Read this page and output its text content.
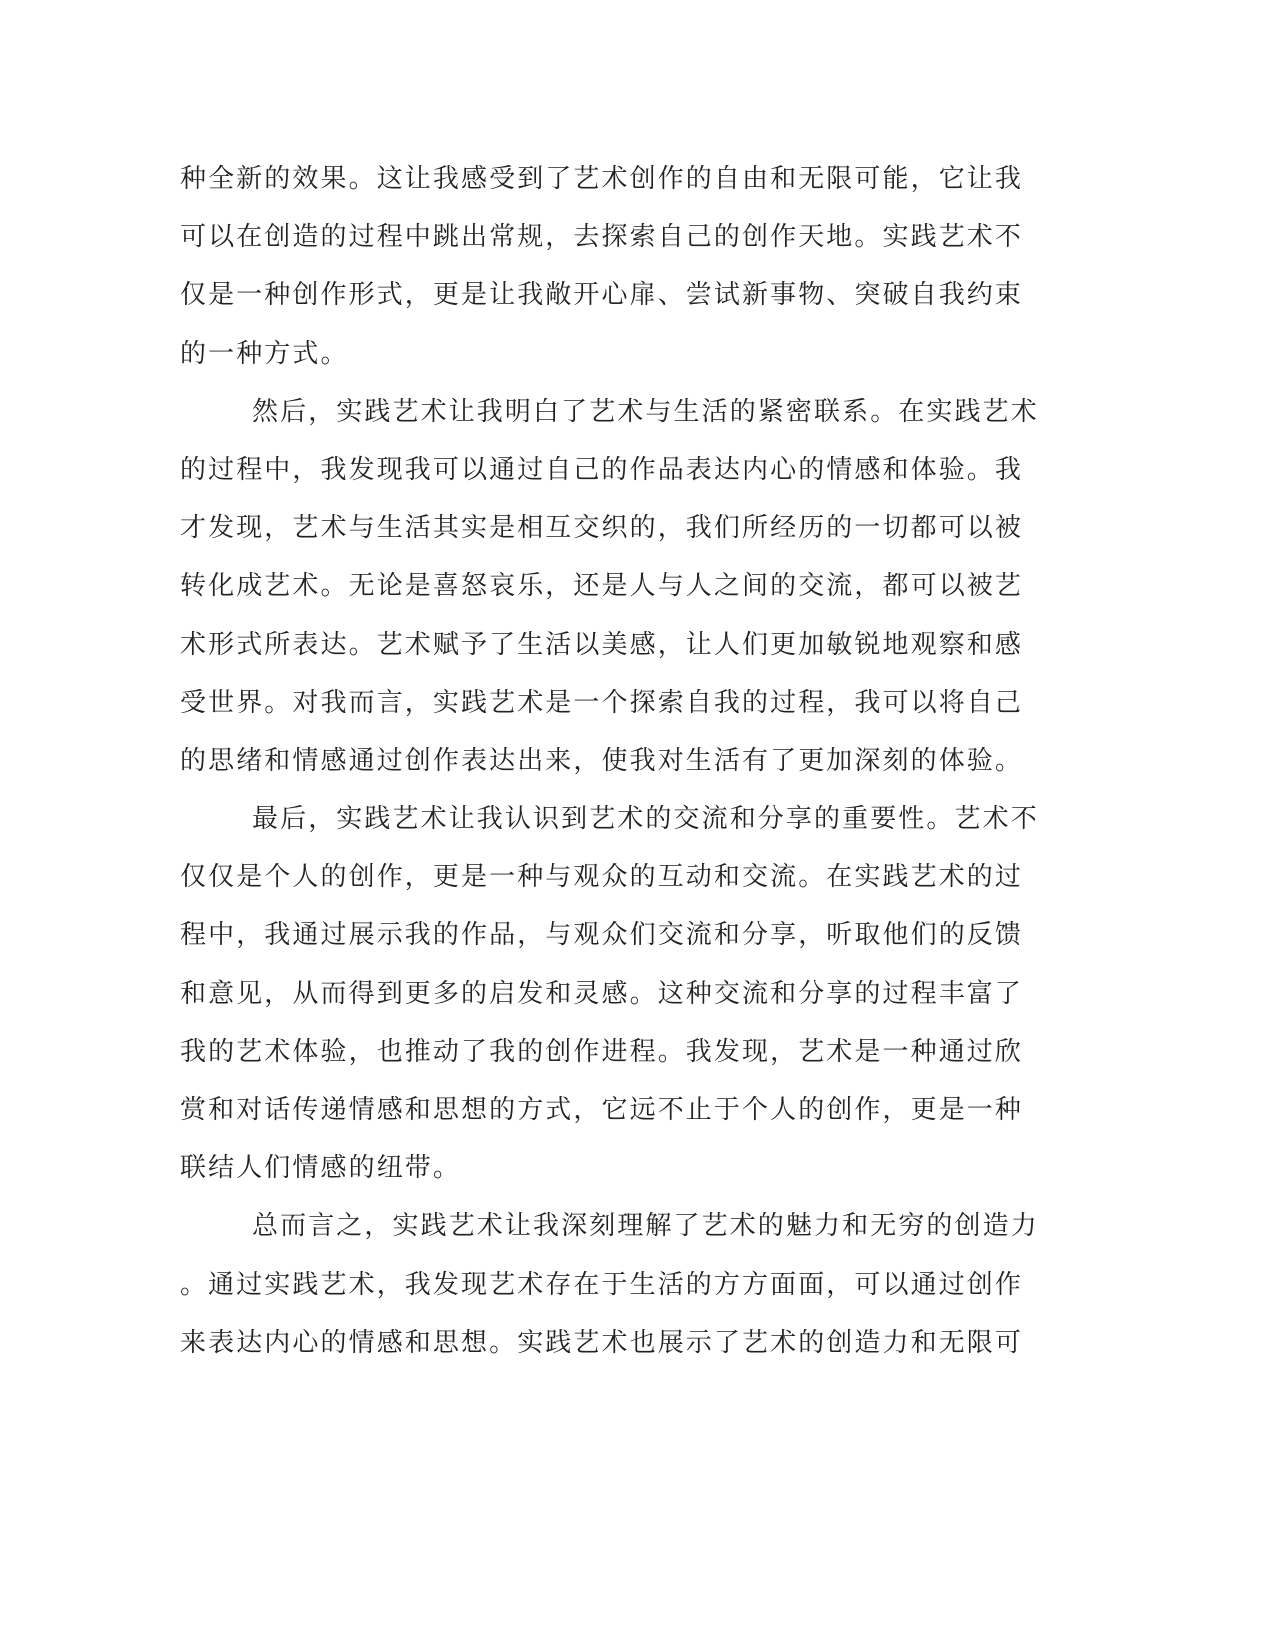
种全新的效果。这让我感受到了艺术创作的自由和无限可能，它让我
可以在创造的过程中跳出常规，去探索自己的创作天地。实践艺术不
仅是一种创作形式，更是让我敞开心扉、尝试新事物、突破自我约束
的一种方式。
然后，实践艺术让我明白了艺术与生活的紧密联系。在实践艺术
的过程中，我发现我可以通过自己的作品表达内心的情感和体验。我
才发现，艺术与生活其实是相互交织的，我们所经历的一切都可以被
转化成艺术。无论是喜怒哀乐，还是人与人之间的交流，都可以被艺
术形式所表达。艺术赋予了生活以美感，让人们更加敏锐地观察和感
受世界。对我而言，实践艺术是一个探索自我的过程，我可以将自己
的思绪和情感通过创作表达出来，使我对生活有了更加深刻的体验。
最后，实践艺术让我认识到艺术的交流和分享的重要性。艺术不
仅仅是个人的创作，更是一种与观众的互动和交流。在实践艺术的过
程中，我通过展示我的作品，与观众们交流和分享，听取他们的反馈
和意见，从而得到更多的启发和灵感。这种交流和分享的过程丰富了
我的艺术体验，也推动了我的创作进程。我发现，艺术是一种通过欣
赏和对话传递情感和思想的方式，它远不止于个人的创作，更是一种
联结人们情感的纽带。
总而言之，实践艺术让我深刻理解了艺术的魅力和无穷的创造力
。通过实践艺术，我发现艺术存在于生活的方方面面，可以通过创作
来表达内心的情感和思想。实践艺术也展示了艺术的创造力和无限可
